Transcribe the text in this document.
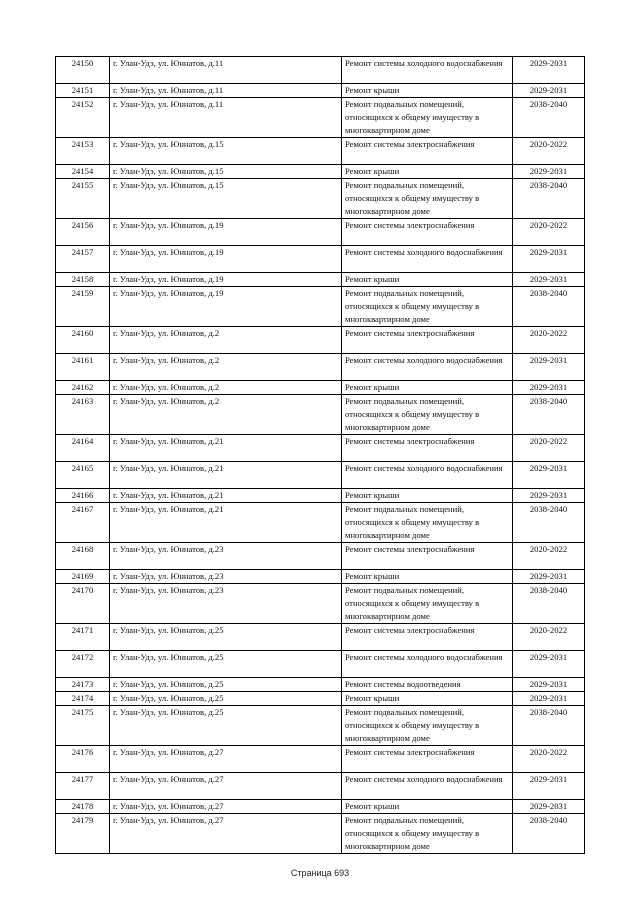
24150	г. Улан-Удэ, ул. Юннатов, д.11	Ремонт системы холодного водоснабжения	2029-2031
24151	г. Улан-Удэ, ул. Юннатов, д.11	Ремонт крыши	2029-2031
24152	г. Улан-Удэ, ул. Юннатов, д.11	Ремонт подвальных помещений, относящихся к общему имуществу в многоквартирном доме	2038-2040
24153	г. Улан-Удэ, ул. Юннатов, д.15	Ремонт системы электроснабжения	2020-2022
24154	г. Улан-Удэ, ул. Юннатов, д.15	Ремонт крыши	2029-2031
24155	г. Улан-Удэ, ул. Юннатов, д.15	Ремонт подвальных помещений, относящихся к общему имуществу в многоквартирном доме	2038-2040
24156	г. Улан-Удэ, ул. Юннатов, д.19	Ремонт системы электроснабжения	2020-2022
24157	г. Улан-Удэ, ул. Юннатов, д.19	Ремонт системы холодного водоснабжения	2029-2031
24158	г. Улан-Удэ, ул. Юннатов, д.19	Ремонт крыши	2029-2031
24159	г. Улан-Удэ, ул. Юннатов, д.19	Ремонт подвальных помещений, относящихся к общему имуществу в многоквартирном доме	2038-2040
24160	г. Улан-Удэ, ул. Юннатов, д.2	Ремонт системы электроснабжения	2020-2022
24161	г. Улан-Удэ, ул. Юннатов, д.2	Ремонт системы холодного водоснабжения	2029-2031
24162	г. Улан-Удэ, ул. Юннатов, д.2	Ремонт крыши	2029-2031
24163	г. Улан-Удэ, ул. Юннатов, д.2	Ремонт подвальных помещений, относящихся к общему имуществу в многоквартирном доме	2038-2040
24164	г. Улан-Удэ, ул. Юннатов, д.21	Ремонт системы электроснабжения	2020-2022
24165	г. Улан-Удэ, ул. Юннатов, д.21	Ремонт системы холодного водоснабжения	2029-2031
24166	г. Улан-Удэ, ул. Юннатов, д.21	Ремонт крыши	2029-2031
24167	г. Улан-Удэ, ул. Юннатов, д.21	Ремонт подвальных помещений, относящихся к общему имуществу в многоквартирном доме	2038-2040
24168	г. Улан-Удэ, ул. Юннатов, д.23	Ремонт системы электроснабжения	2020-2022
24169	г. Улан-Удэ, ул. Юннатов, д.23	Ремонт крыши	2029-2031
24170	г. Улан-Удэ, ул. Юннатов, д.23	Ремонт подвальных помещений, относящихся к общему имуществу в многоквартирном доме	2038-2040
24171	г. Улан-Удэ, ул. Юннатов, д.25	Ремонт системы электроснабжения	2020-2022
24172	г. Улан-Удэ, ул. Юннатов, д.25	Ремонт системы холодного водоснабжения	2029-2031
24173	г. Улан-Удэ, ул. Юннатов, д.25	Ремонт системы водоотведения	2029-2031
24174	г. Улан-Удэ, ул. Юннатов, д.25	Ремонт крыши	2029-2031
24175	г. Улан-Удэ, ул. Юннатов, д.25	Ремонт подвальных помещений, относящихся к общему имуществу в многоквартирном доме	2038-2040
24176	г. Улан-Удэ, ул. Юннатов, д.27	Ремонт системы электроснабжения	2020-2022
24177	г. Улан-Удэ, ул. Юннатов, д.27	Ремонт системы холодного водоснабжения	2029-2031
24178	г. Улан-Удэ, ул. Юннатов, д.27	Ремонт крыши	2029-2031
24179	г. Улан-Удэ, ул. Юннатов, д.27	Ремонт подвальных помещений, относящихся к общему имуществу в многоквартирном доме	2038-2040
Страница 693
